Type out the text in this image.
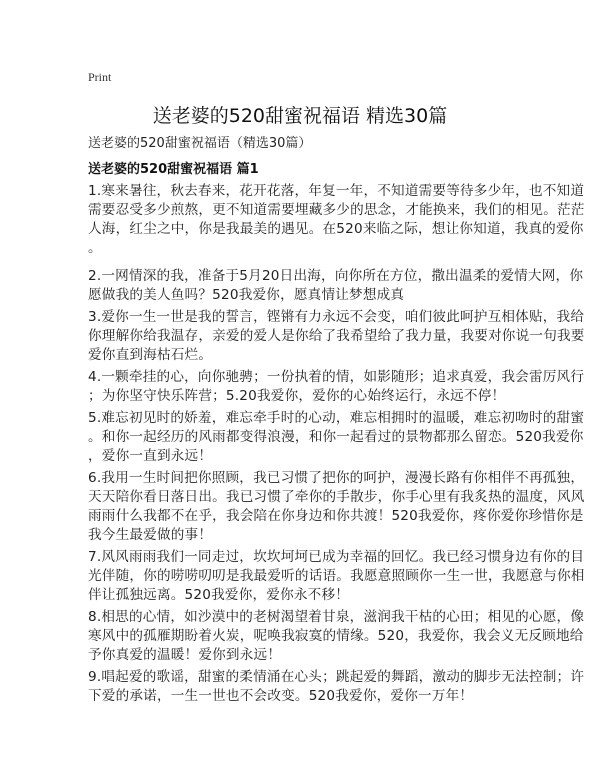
Print
送老婆的520甜蜜祝福语 精选30篇
送老婆的520甜蜜祝福语（精选30篇）
送老婆的520甜蜜祝福语 篇1
1.寒来暑往，秋去春来，花开花落，年复一年，不知道需要等待多少年，也不知道
需要忍受多少煎熬，更不知道需要埋藏多少的思念，才能换来，我们的相见。茫茫
人海，红尘之中，你是我最美的遇见。在520来临之际，想让你知道，我真的爱你
。
2.一网情深的我，准备于5月20日出海，向你所在方位，撒出温柔的爱情大网，你
愿做我的美人鱼吗？520我爱你，愿真情让梦想成真
3.爱你一生一世是我的誓言，铿锵有力永远不会变，咱们彼此呵护互相体贴，我给
你理解你给我温存，亲爱的爱人是你给了我希望给了我力量，我要对你说一句我要
爱你直到海枯石烂。
4.一颗牵挂的心，向你驰骋；一份执着的情，如影随形；追求真爱，我会雷厉风行
；为你坚守快乐阵营；5.20我爱你，爱你的心始终运行，永远不停！
5.难忘初见时的娇羞，难忘牵手时的心动，难忘相拥时的温暖，难忘初吻时的甜蜜
。和你一起经历的风雨都变得浪漫，和你一起看过的景物都那么留恋。520我爱你
，爱你一直到永远！
6.我用一生时间把你照顾，我已习惯了把你的呵护，漫漫长路有你相伴不再孤独，
天天陪你看日落日出。我已习惯了牵你的手散步，你手心里有我炙热的温度，风风
雨雨什么我都不在乎，我会陪在你身边和你共渡！520我爱你，疼你爱你珍惜你是
我今生最爱做的事！
7.风风雨雨我们一同走过，坎坎坷坷已成为幸福的回忆。我已经习惯身边有你的目
光伴随，你的唠唠叨叨是我最爱听的话语。我愿意照顾你一生一世，我愿意与你相
伴让孤独远离。520我爱你，爱你永不移！
8.相思的心情，如沙漠中的老树渴望着甘泉，滋润我干枯的心田；相见的心愿，像
寒风中的孤雁期盼着火炭，呢唤我寂寞的情缘。520，我爱你，我会义无反顾地给
予你真爱的温暖！爱你到永远！
9.唱起爱的歌谣，甜蜜的柔情涌在心头；跳起爱的舞蹈，激动的脚步无法控制；许
下爱的承诺，一生一世也不会改变。520我爱你，爱你一万年！
